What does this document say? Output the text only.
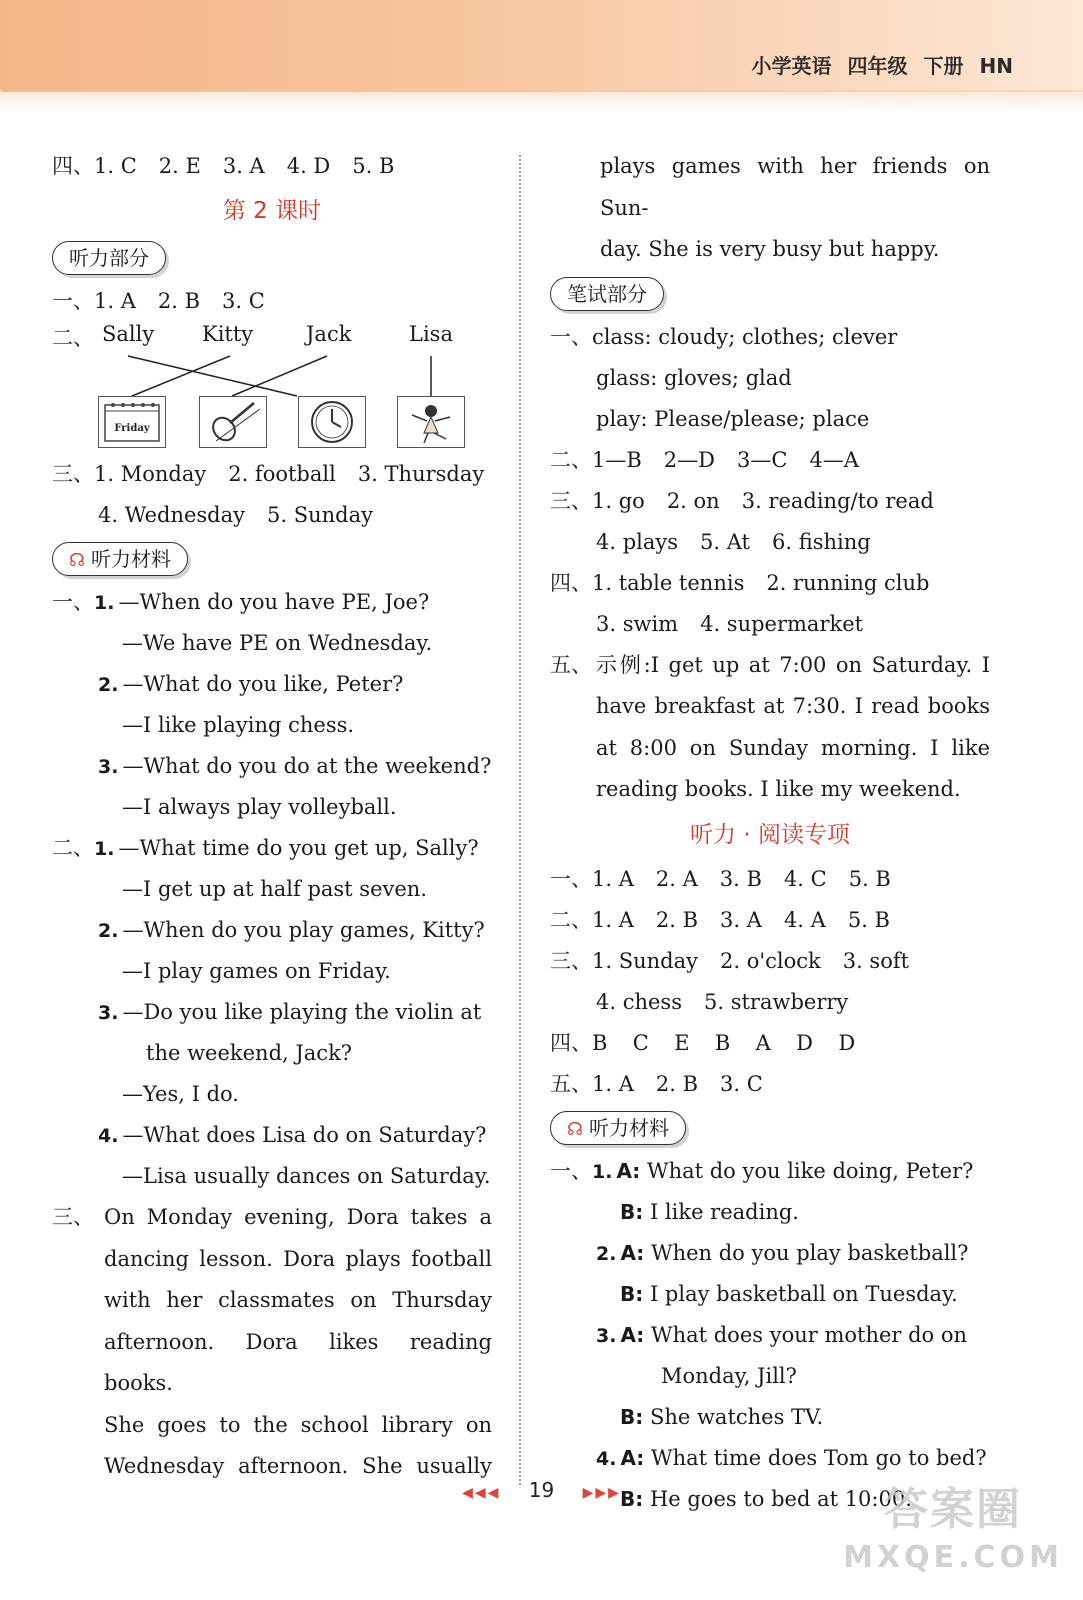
小学英语 四年级 下册 HN
四、1. C 2. E 3. A 4. D 5. B
第 2 课时
听力部分
一、1. A 2. B 3. C
二、 Sally Kitty	Jack	Lisa
Friday
三、1. Monday 2. football 3. Thursday
4. Wednesday 5. Sunday
☊ 听力材料
一、1. —When do you have PE, Joe?
—We have PE on Wednesday.
2. —What do you like, Peter?
—I like playing chess.
3. —What do you do at the weekend?
—I always play volleyball.
二、1. —What time do you get up, Sally?
—I get up at half past seven.
2. —When do you play games, Kitty?
—I play games on Friday.
3. —Do you like playing the violin at
the weekend, Jack?
—Yes, I do.
4. —What does Lisa do on Saturday?
—Lisa usually dances on Saturday.
三、 On Monday evening, Dora takes a
dancing lesson. Dora plays football
with her classmates on Thursday
afternoon. Dora likes reading books.
She goes to the school library on
Wednesday afternoon. She usually
plays games with her friends on Sun-
day. She is very busy but happy.
笔试部分
一、class: cloudy; clothes; clever
glass: gloves; glad
play: Please/please; place
二、1—B 2—D 3—C 4—A
三、1. go 2. on 3. reading/to read
4. plays 5. At 6. fishing
四、1. table tennis 2. running club
3. swim 4. supermarket
五、 示例:I get up at 7:00 on Saturday. I
have breakfast at 7:30. I read books
at 8:00 on Sunday morning. I like
reading books. I like my weekend.
听力 · 阅读专项
一、1. A 2. A 3. B 4. C 5. B
二、1. A 2. B 3. A 4. A 5. B
三、1. Sunday 2. o'clock 3. soft
4. chess 5. strawberry
四、B  C  E  B  A  D  D
五、1. A 2. B 3. C
☊ 听力材料
一、1. A: What do you like doing, Peter?
B: I like reading.
2. A: When do you play basketball?
B: I play basketball on Tuesday.
3. A: What does your mother do on
Monday, Jill?
B: She watches TV.
4. A: What time does Tom go to bed?
B: He goes to bed at 10:00.
◀◀◀ 19 ▶▶▶	答案圈
MXQE.COM
